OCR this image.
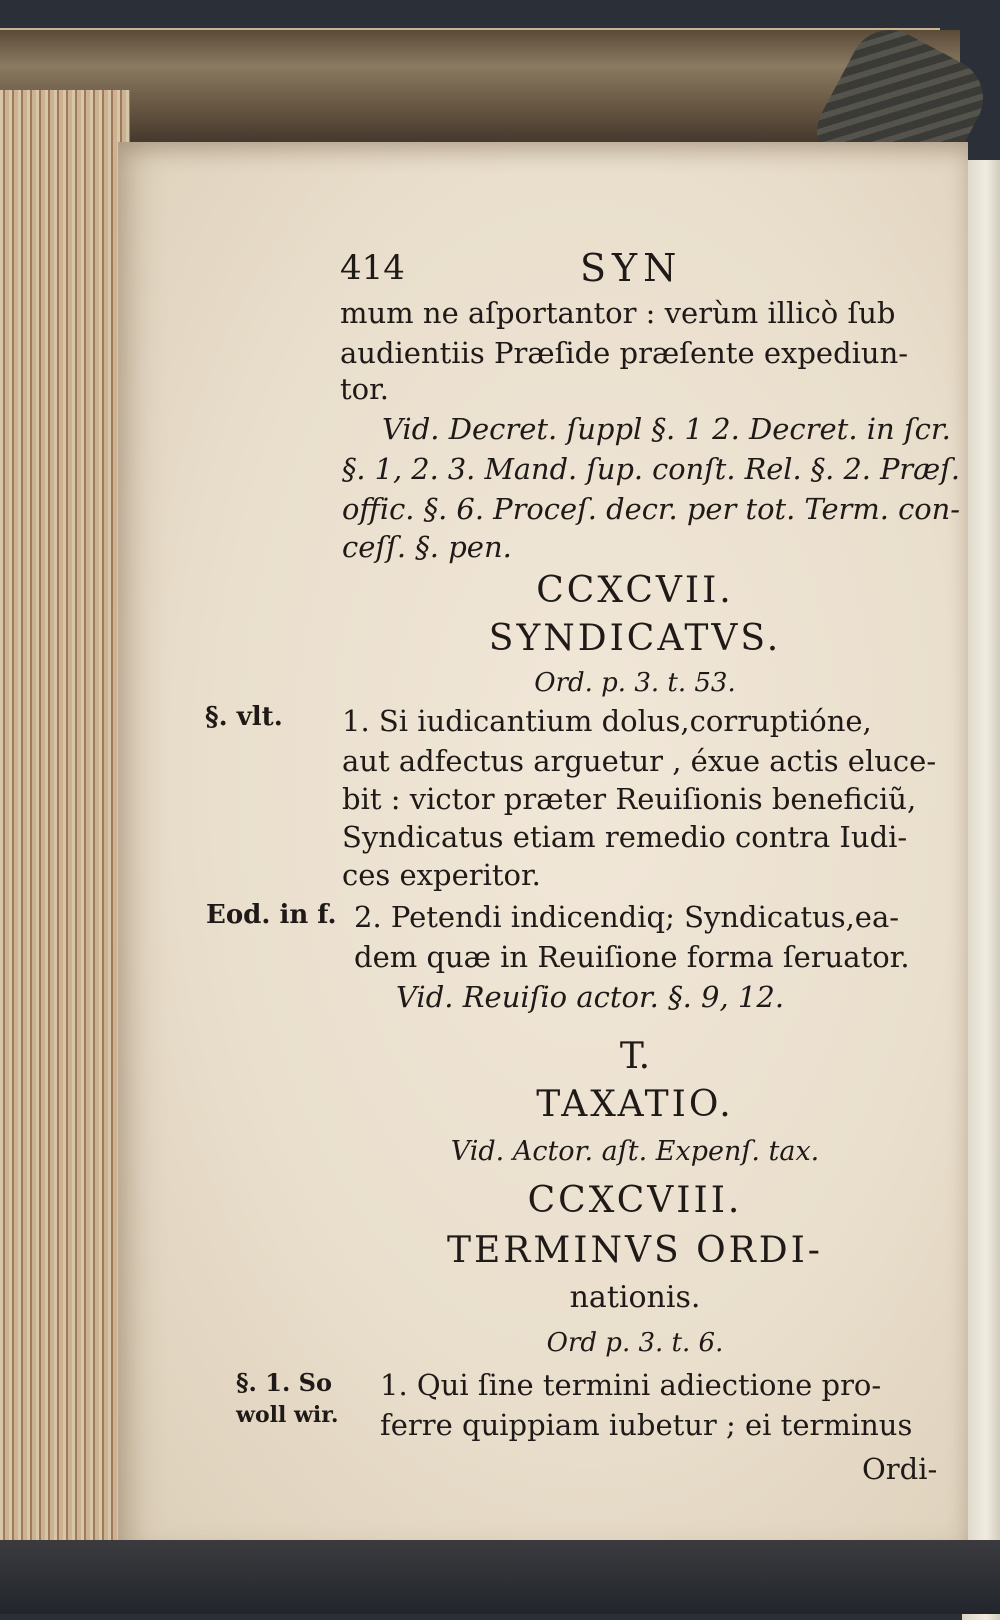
414	SYN
mum ne aſportantor : verùm illicò ſub
audientiis Præſide præſente expediun-
tor.
Vid. Decret. ſuppl §. 1 2. Decret. in ſcr.
§. 1, 2. 3. Mand. ſup. conſt. Rel. §. 2. Præſ.
offic. §. 6. Proceſ. decr. per tot. Term. con-
ceſſ. §. pen.
CCXCVII.
SYNDICATVS.
Ord. p. 3. t. 53.
§. vlt. 1. Si iudicantium dolus,corruptióne,
aut adfectus arguetur , éxue actis eluce-
bit : victor præter Reuiſionis beneficiũ,
Syndicatus etiam remedio contra Iudi-
ces experitor.
Eod. in f. 2. Petendi indicendiq; Syndicatus,ea-
dem quæ in Reuiſione forma ſeruator.
Vid. Reuiſio actor. §. 9, 12.
T.
TAXATIO.
Vid. Actor. aſt. Expenſ. tax.
CCXCVIII.
TERMINVS ORDI-
nationis.
Ord p. 3. t. 6.
§. 1. So
woll wir.
1. Qui ſine termini adiectione pro-
ferre quippiam iubetur ; ei terminus
Ordi-
